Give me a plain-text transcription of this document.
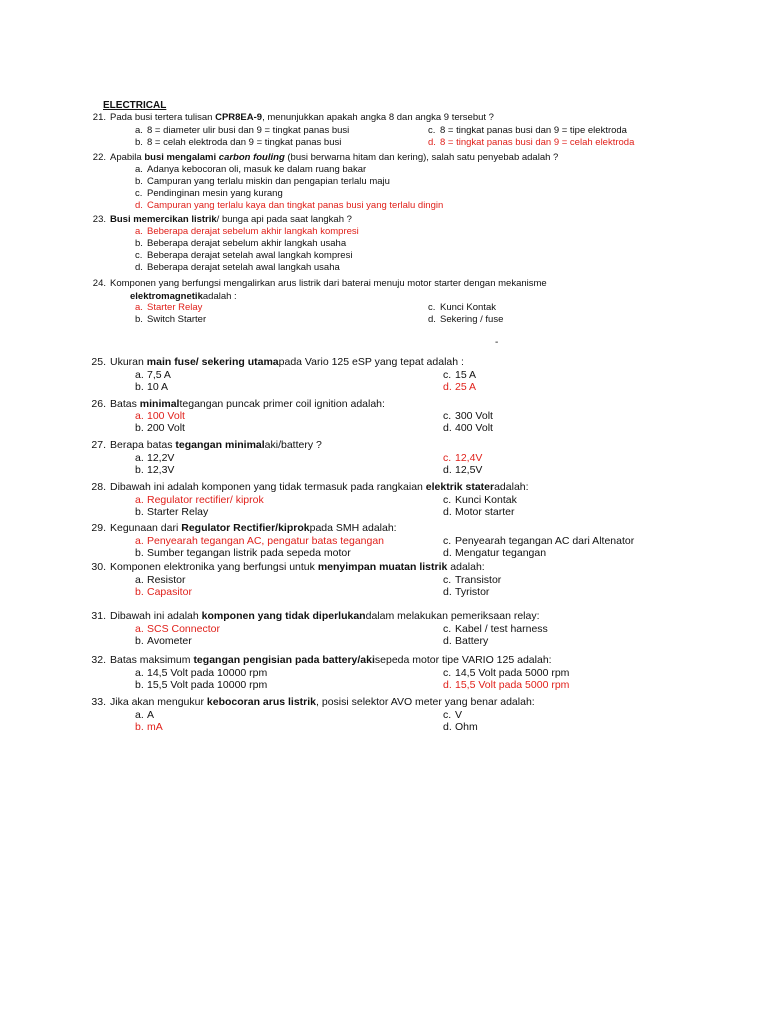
ELECTRICAL
-
21. Pada busi tertera tulisan CPR8EA-9, menunjukkan apakah angka 8 dan angka 9 tersebut ?
a. 8 = diameter ulir busi dan 9 = tingkat panas busi
b. 8 = celah elektroda dan 9 = tingkat panas busi
c. 8 = tingkat panas busi dan 9 = tipe elektroda
d. 8 = tingkat panas busi dan 9 = celah elektroda
22. Apabila busi mengalami carbon fouling (busi berwarna hitam dan kering), salah satu penyebab adalah ?
a. Adanya kebocoran oli, masuk ke dalam ruang bakar
b. Campuran yang terlalu miskin dan pengapian terlalu maju
c. Pendinginan mesin yang kurang
d. Campuran yang terlalu kaya dan tingkat panas busi yang terlalu dingin
23. Busi memercikan listrik/ bunga api pada saat langkah ?
a. Beberapa derajat sebelum akhir langkah kompresi
b. Beberapa derajat sebelum akhir langkah usaha
c. Beberapa derajat setelah awal langkah kompresi
d. Beberapa derajat setelah awal langkah usaha
24. Komponen yang berfungsi mengаlirkan arus listrik dari baterai menuju motor starter dengan mekanisme
elektromagnetikadalah :
a. Starter Relay
b. Switch Starter
c. Kunci Kontak
d. Sekering / fuse
25. Ukuran main fuse/ sekering utamapada Vario 125 eSP yang tepat adalah :
a. 7,5 A
b. 10 A
c. 15 A
d. 25 A
26. Batas minimaltegangan puncak primer coil ignition adalah:
a. 100 Volt
b. 200 Volt
c. 300 Volt
d. 400 Volt
27. Berapa batas tegangan minimalaki/battery ?
a. 12,2V
b. 12,3V
c. 12,4V
d. 12,5V
28. Dibawah ini adalah komponen yang tidak termasuk pada rangkaian elektrik stateradalah:
a. Regulator rectifier/ kiprok
b. Starter Relay
c. Kunci Kontak
d. Motor starter
29. Kegunaan dari Regulator Rectifier/kiprokpada SMH adalah:
a. Penyearah tegangan AC, pengatur batas tegangan
b. Sumber tegangan listrik pada sepeda motor
c. Penyearah tegangan AC dari Altenator
d. Mengatur tegangan
30. Komponen elektronika yang berfungsi untuk menyimpan muatan listrik adalah:
a. Resistor
b. Capasitor
c. Transistor
d. Tyristor
31. Dibawah ini adalah komponen yang tidak diperlukandalam melakukan pemeriksaan relay:
a. SCS Connector
b. Avometer
c. Kabel / test harness
d. Battery
32. Batas maksimum tegangan pengisian pada battery/akisepeda motor tipe VARIO 125 adalah:
a. 14,5 Volt pada 10000 rpm
b. 15,5 Volt pada 10000 rpm
c. 14,5 Volt pada 5000 rpm
d. 15,5 Volt pada 5000 rpm
33. Jika akan mengukur kebocoran arus listrik, posisi selektor AVO meter yang benar adalah:
a. A
b. mA
c. V
d. Ohm
